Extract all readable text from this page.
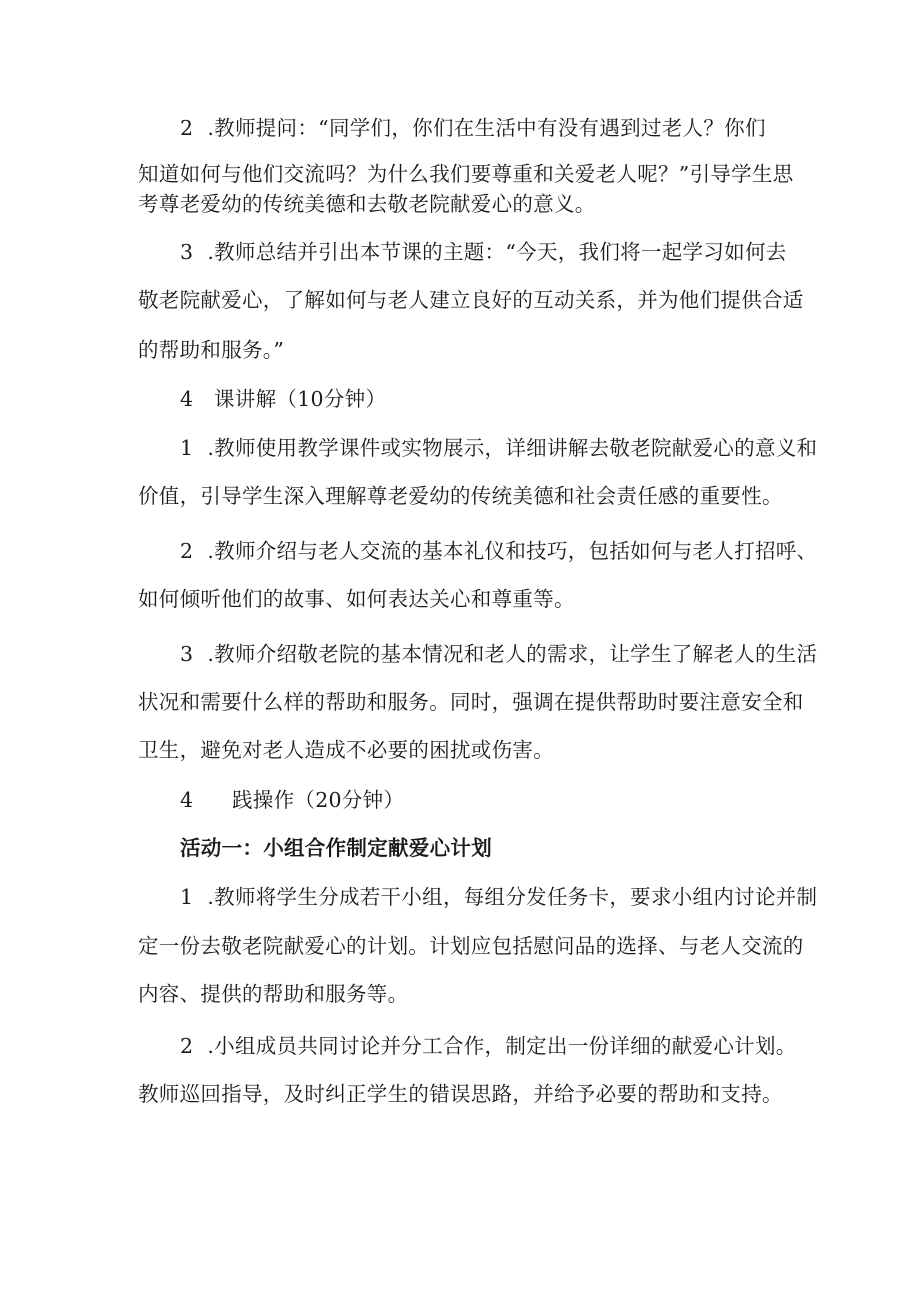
2 .教师提问：“同学们，你们在生活中有没有遇到过老人？你们
知道如何与他们交流吗？为什么我们要尊重和关爱老人呢？”引导学生思
考尊老爱幼的传统美德和去敬老院献爱心的意义。
3 .教师总结并引出本节课的主题：“今天，我们将一起学习如何去
敬老院献爱心，了解如何与老人建立良好的互动关系，并为他们提供合适
的帮助和服务。”
4 课讲解（10分钟）
1 .教师使用教学课件或实物展示，详细讲解去敬老院献爱心的意义和
价值，引导学生深入理解尊老爱幼的传统美德和社会责任感的重要性。
2 .教师介绍与老人交流的基本礼仪和技巧，包括如何与老人打招呼、
如何倾听他们的故事、如何表达关心和尊重等。
3 .教师介绍敬老院的基本情况和老人的需求，让学生了解老人的生活
状况和需要什么样的帮助和服务。同时，强调在提供帮助时要注意安全和
卫生，避免对老人造成不必要的困扰或伤害。
4 践操作（20分钟）
活动一：小组合作制定献爱心计划
1 .教师将学生分成若干小组，每组分发任务卡，要求小组内讨论并制
定一份去敬老院献爱心的计划。计划应包括慰问品的选择、与老人交流的
内容、提供的帮助和服务等。
2 .小组成员共同讨论并分工合作，制定出一份详细的献爱心计划。
教师巡回指导，及时纠正学生的错误思路，并给予必要的帮助和支持。
